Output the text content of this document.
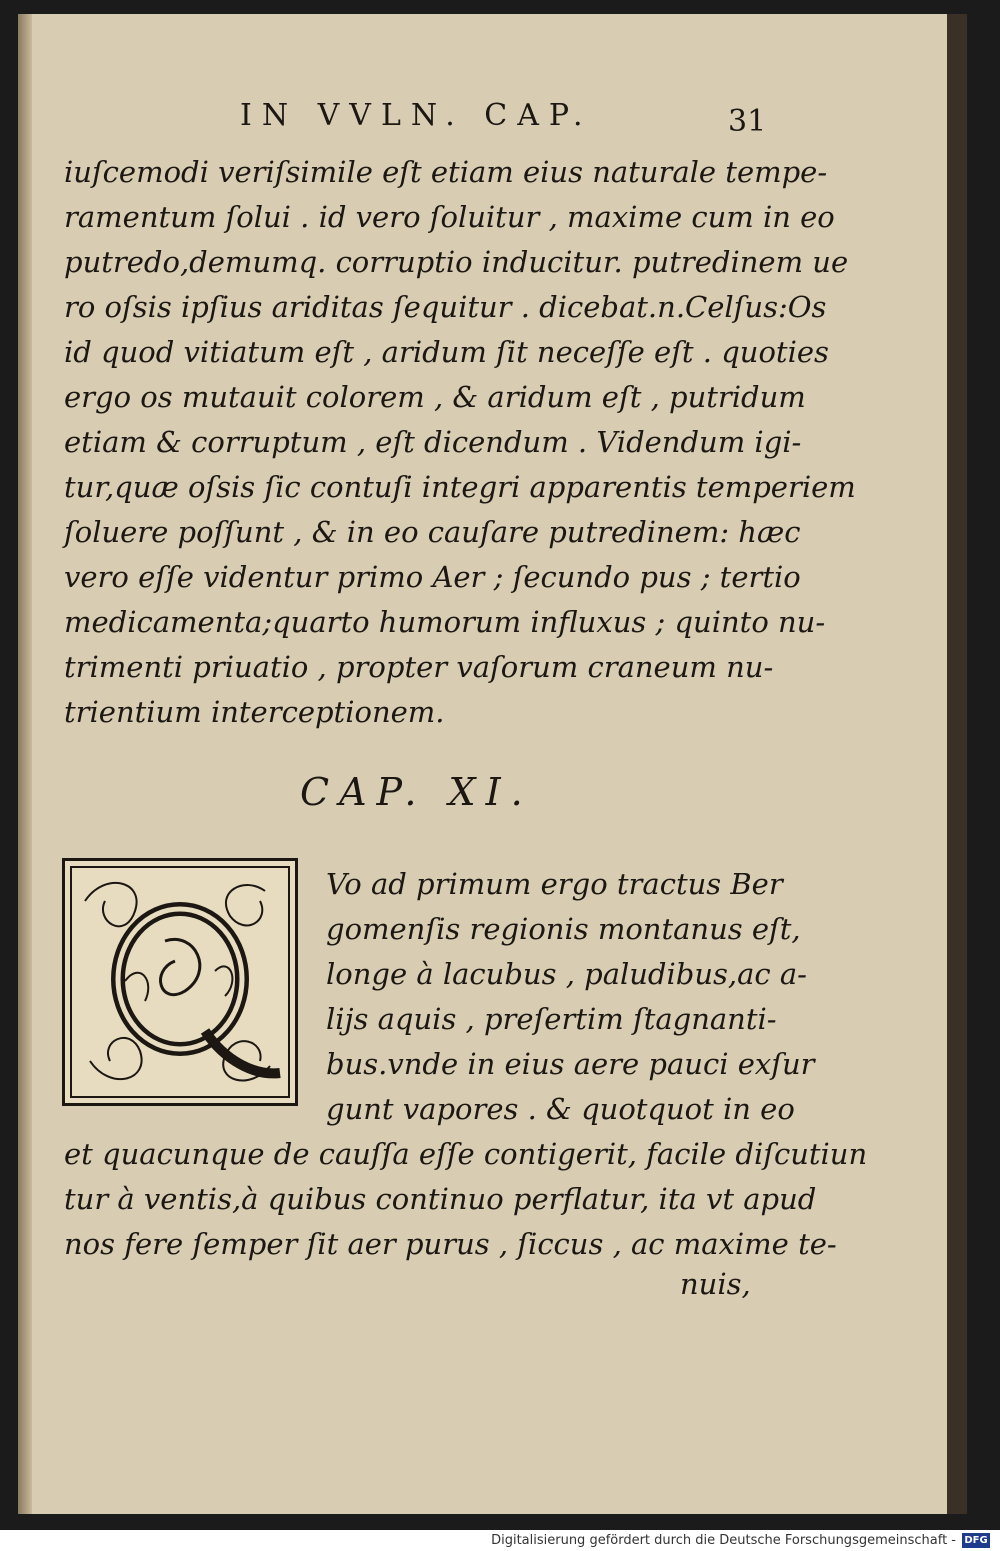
IN VVLN. CAP.	31
iuſcemodi veriſsimile eſt etiam eius naturale tempe-
ramentum ſolui . id vero ſoluitur , maxime cum in eo
putredo,demumq. corruptio inducitur. putredinem ue
ro oſsis ipſius ariditas ſequitur . dicebat.n.Celſus:Os
id quod vitiatum eſt , aridum ſit neceſſe eſt . quoties
ergo os mutauit colorem , & aridum eſt , putridum
etiam & corruptum , eſt dicendum . Videndum igi-
tur,quæ oſsis ſic contuſi integri apparentis temperiem
ſoluere poſſunt , & in eo cauſare putredinem: hæc
vero eſſe videntur primo Aer ; ſecundo pus ; tertio
medicamenta;quarto humorum influxus ; quinto nu-
trimenti priuatio , propter vaſorum craneum nu-
trientium interceptionem.
CAP. XI.
Vo ad primum ergo tractus Ber
gomenſis regionis montanus eſt,
longe à lacubus , paludibus,ac a-
lijs aquis , preſertim ſtagnanti-
bus.vnde in eius aere pauci exſur
gunt vapores . & quotquot in eo
et quacunque de cauſſa eſſe contigerit, facile diſcutiun
tur à ventis,à quibus continuo perflatur, ita vt apud
nos fere ſemper ſit aer purus , ſiccus , ac maxime te-
nuis,
Digitalisierung gefördert durch die Deutsche Forschungsgemeinschaft - DFG
